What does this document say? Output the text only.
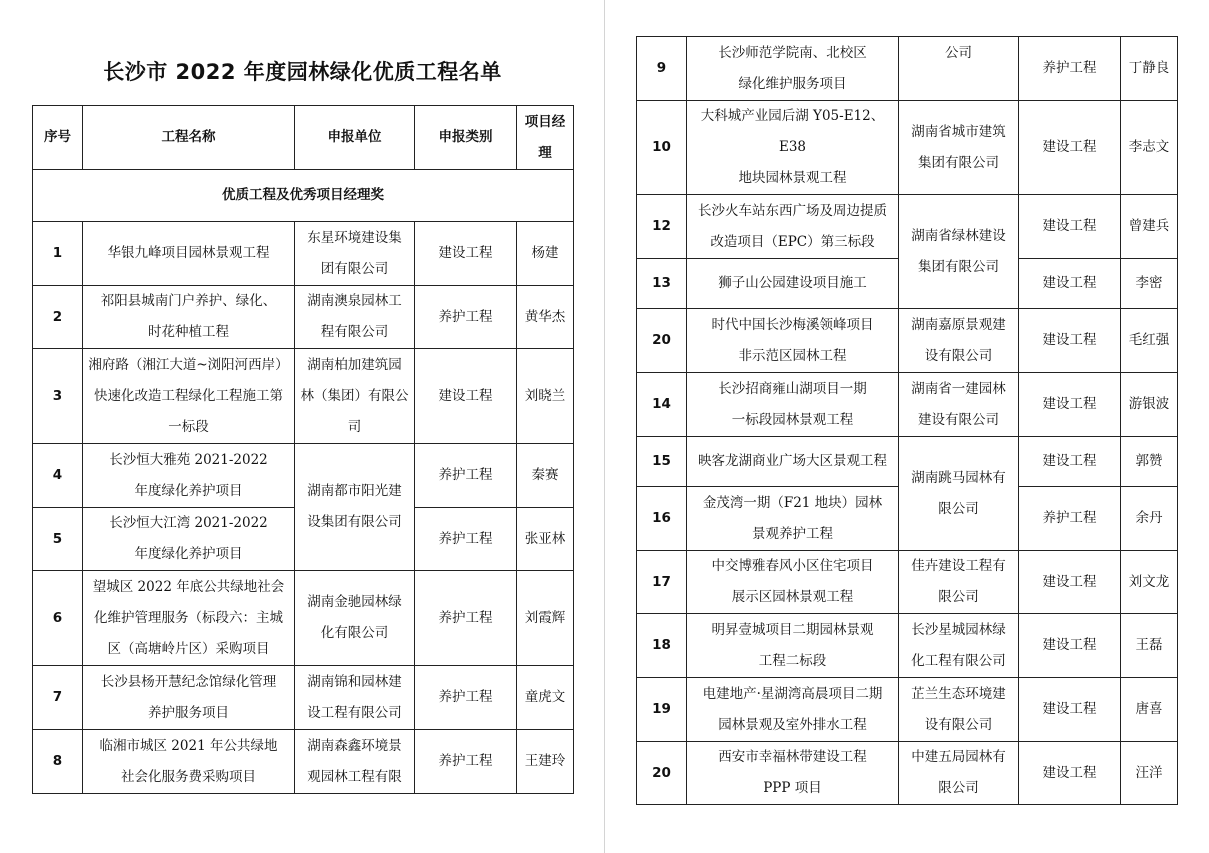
长沙市 2022 年度园林绿化优质工程名单
序号	工程名称	申报单位	申报类别	项目经
理

优质工程及优秀项目经理奖				
1	华银九峰项目园林景观工程	东星环境建设集
团有限公司	建设工程	杨建
2	祁阳县城南门户养护、绿化、
时花种植工程	湖南澳泉园林工
程有限公司	养护工程	黄华杰
3	湘府路（湘江大道~浏阳河西岸）
快速化改造工程绿化工程施工第
一标段	湖南柏加建筑园
林（集团）有限公
司	建设工程	刘晓兰
4	长沙恒大雅苑 2021-2022
年度绿化养护项目	湖南都市阳光建
设集团有限公司	养护工程	秦赛
5	长沙恒大江湾 2021-2022
年度绿化养护项目		养护工程	张亚林
6	望城区 2022 年底公共绿地社会
化维护管理服务（标段六：主城
区（高塘岭片区）采购项目	湖南金驰园林绿
化有限公司	养护工程	刘霞辉
7	长沙县杨开慧纪念馆绿化管理
养护服务项目	湖南锦和园林建
设工程有限公司	养护工程	童虎文
8	临湘市城区 2021 年公共绿地
社会化服务费采购项目	湖南森鑫环境景
观园林工程有限	养护工程	王建玲
9	长沙师范学院南、北校区
绿化维护服务项目	公司	养护工程	丁静良
10	大科城产业园后湖 Y05-E12、E38
地块园林景观工程	湖南省城市建筑
集团有限公司	建设工程	李志文
12	长沙火车站东西广场及周边提质
改造项目（EPC）第三标段	湖南省绿林建设
集团有限公司	建设工程	曾建兵
13	狮子山公园建设项目施工		建设工程	李密
20	时代中国长沙梅溪领峰项目
非示范区园林工程	湖南嘉原景观建
设有限公司	建设工程	毛红强
14	长沙招商雍山湖项目一期
一标段园林景观工程	湖南省一建园林
建设有限公司	建设工程	游银波
15	映客龙湖商业广场大区景观工程	湖南跳马园林有
限公司	建设工程	郭赞
16	金茂湾一期（F21 地块）园林
景观养护工程		养护工程	余丹
17	中交博雅春风小区住宅项目
展示区园林景观工程	佳卉建设工程有
限公司	建设工程	刘文龙
18	明昇壹城项目二期园林景观
工程二标段	长沙星城园林绿
化工程有限公司	建设工程	王磊
19	电建地产·星湖湾高晨项目二期
园林景观及室外排水工程	芷兰生态环境建
设有限公司	建设工程	唐喜
20	西安市幸福林带建设工程
PPP 项目	中建五局园林有
限公司	建设工程	汪洋
